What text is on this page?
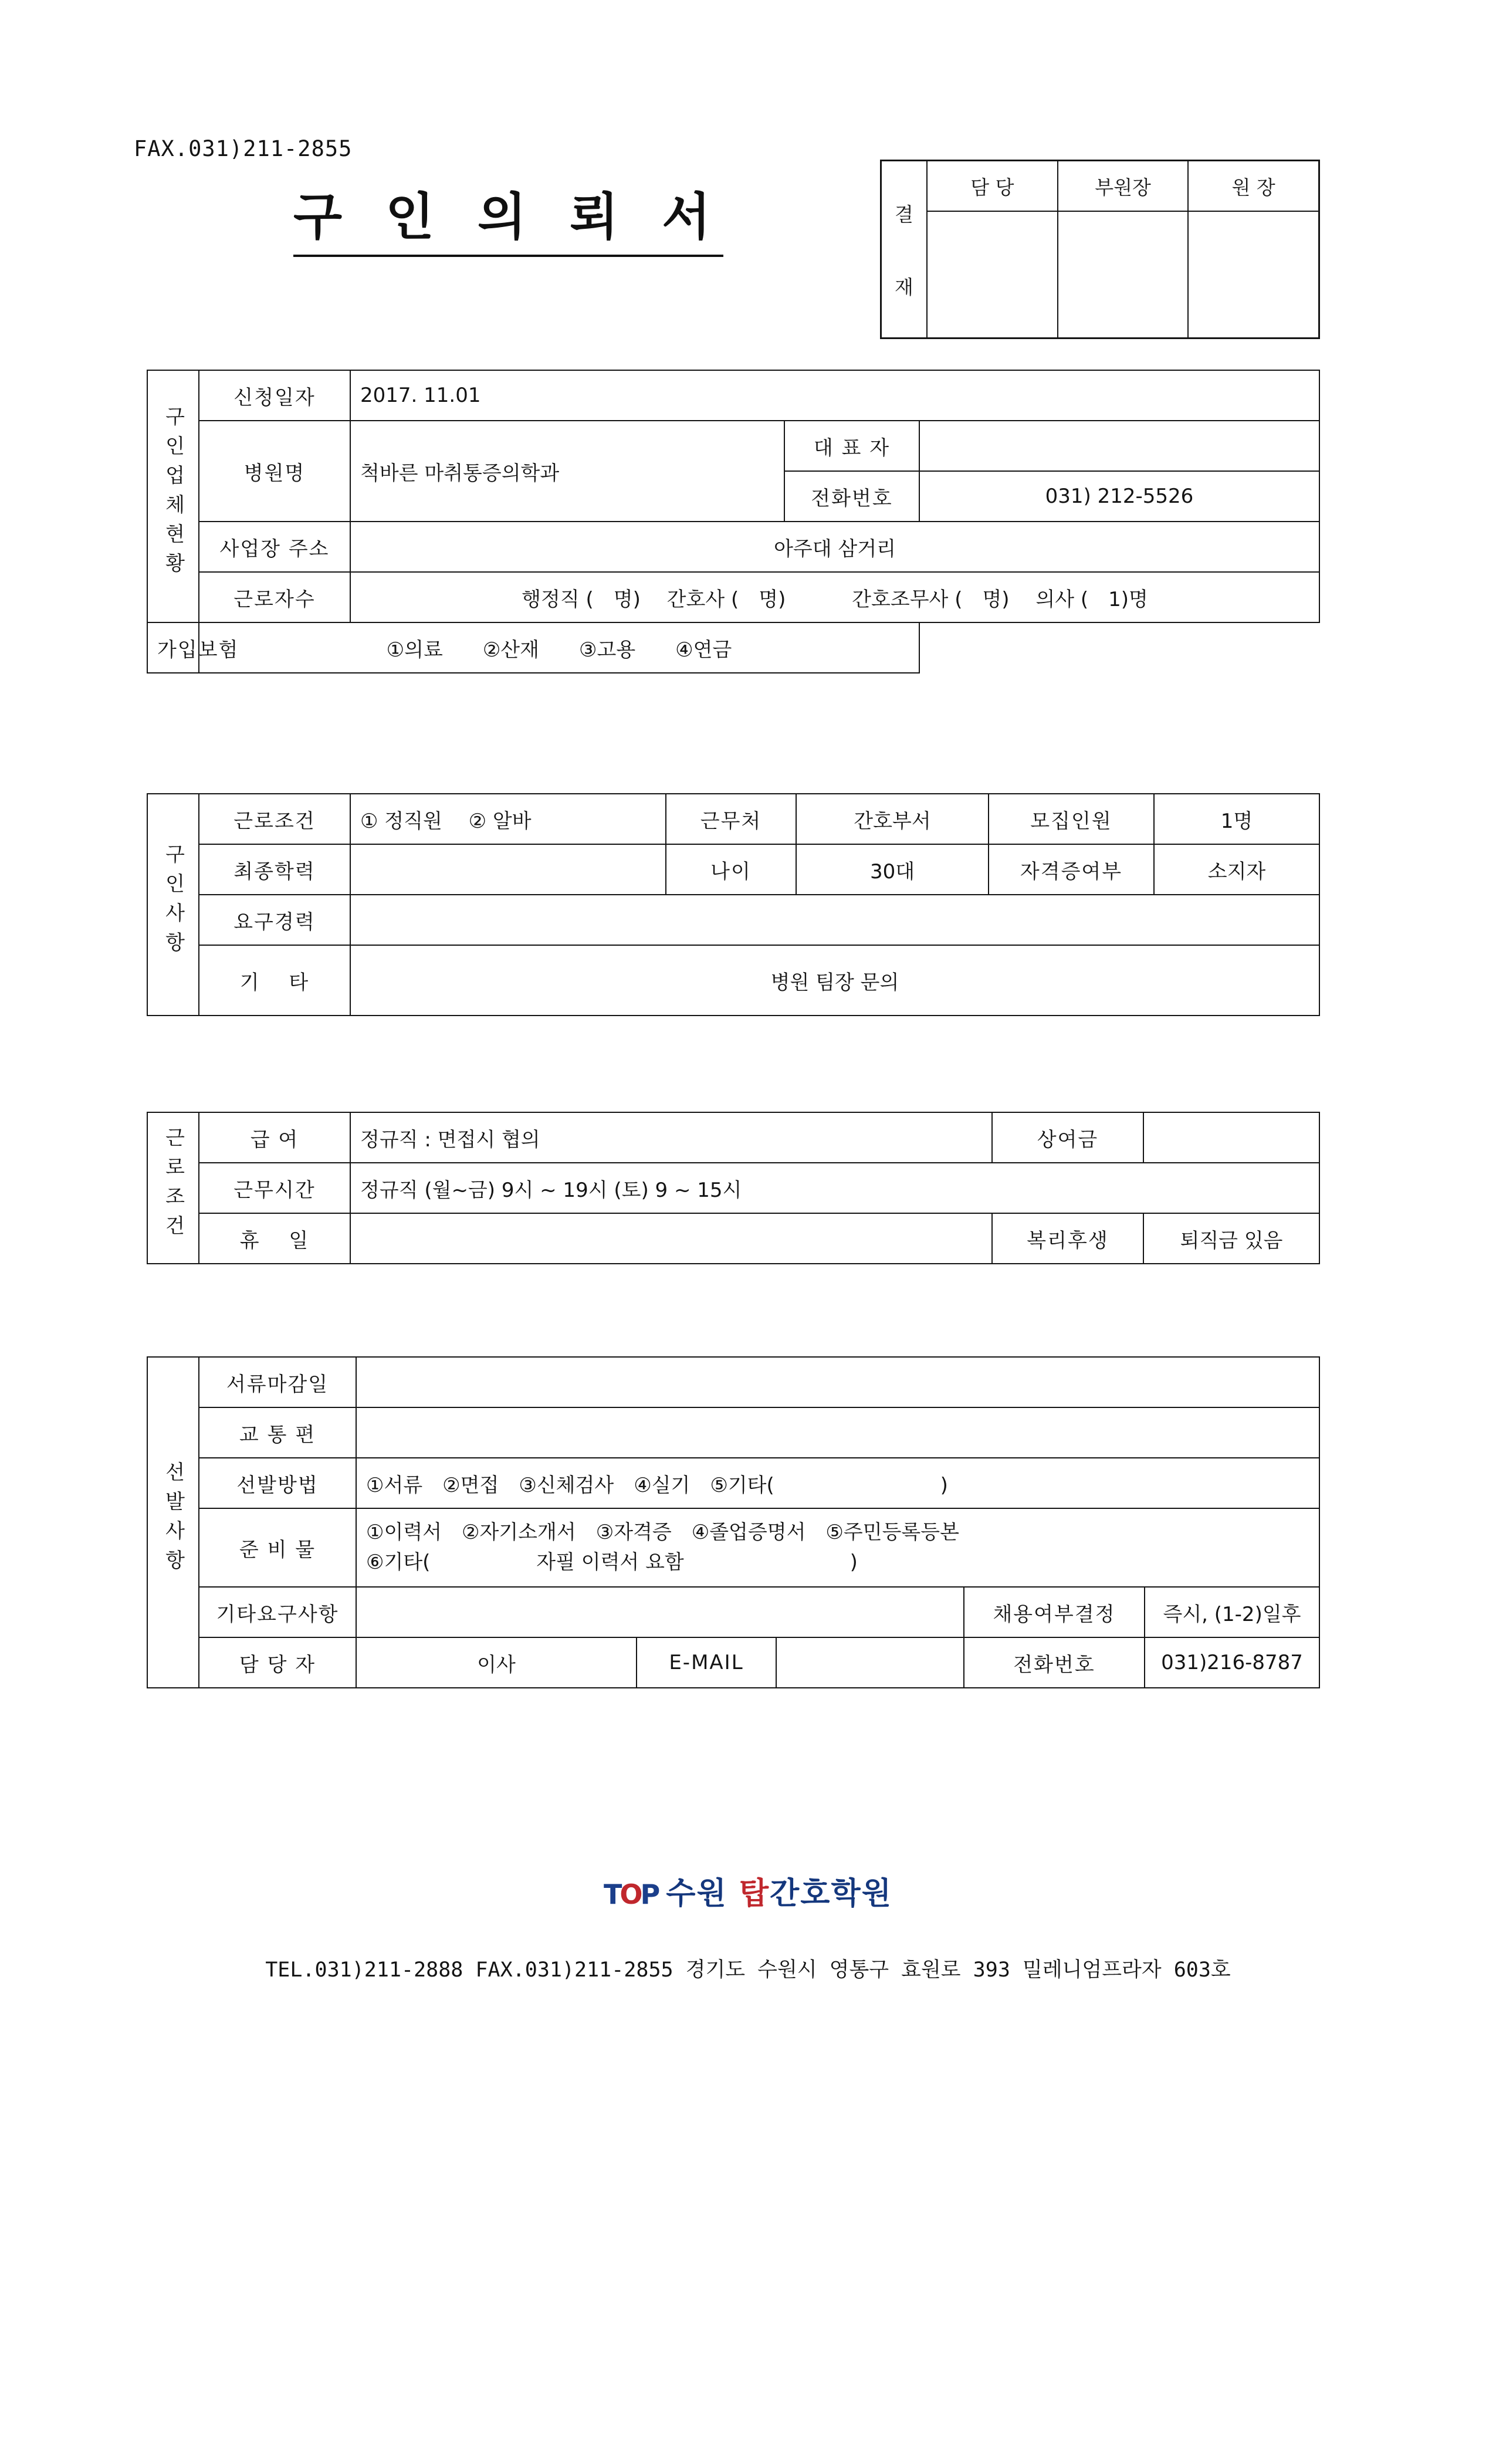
FAX.031)211-2855
구 인 의 뢰 서	결
재
담 당	부원장	원 장
구인업체현황	신청일자	2017. 11.01		
	병원명	척바른 마취통증의학과	대 표 자	
			전화번호	031) 212-5526
	사업장 주소	아주대 삼거리		
	근로자수	행정직 (　명)　 간호사 (　명)　　　 간호조무사 (　명)　 의사 (　1)명		
가입보험	①의료　　②산재　　③고용　　④연금			
구인사항	근로조건	① 정직원　 ② 알바	근무처	간호부서	모집인원	1명
	최종학력		나이	30대	자격증여부	소지자
	요구경력					
	기　 타	병원 팀장 문의				
근로조건	급 여	정규직 : 면접시 협의	상여금	
	근무시간	정규직 (월~금) 9시 ~ 19시 (토) 9 ~ 15시		
	휴　 일		복리후생	퇴직금 있음
선발사항	서류마감일					
	교 통 편					
	선발방법	①서류　②면접　③신체검사　④실기　⑤기타(　　　　　　　　 )				
	준 비 물	①이력서　②자기소개서　③자격증　④졸업증명서　⑤주민등록등본
⑥기타(　　　　　 자필 이력서 요함　　　　　　　　 )				

	기타요구사항				채용여부결정	즉시, (1-2)일후
	담 당 자	이사	E-MAIL		전화번호	031)216-8787
TOP 수원 탑간호학원
TEL.031)211-2888 FAX.031)211-2855 경기도 수원시 영통구 효원로 393 밀레니엄프라자 603호
